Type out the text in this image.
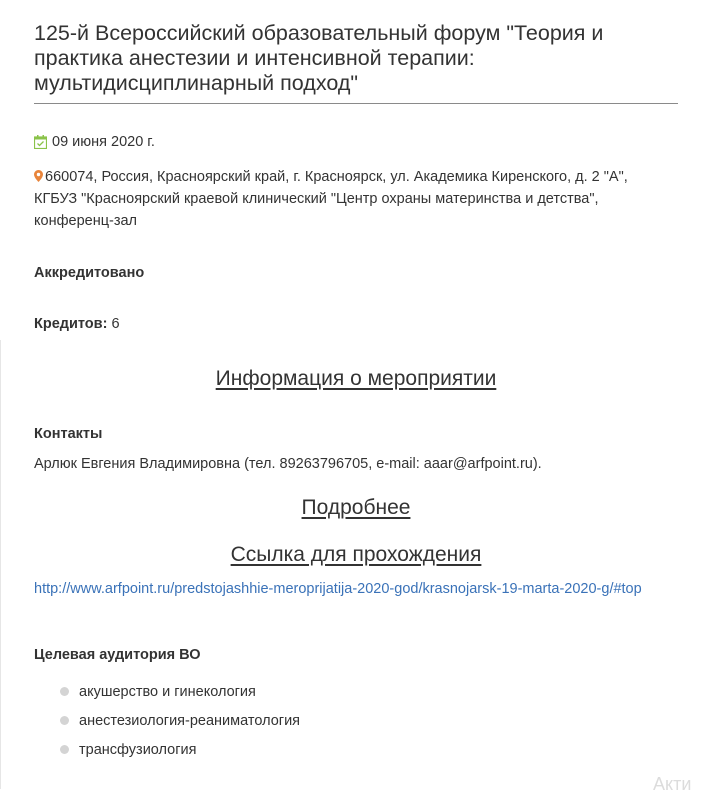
125-й Всероссийский образовательный форум "Теория и практика анестезии и интенсивной терапии: мультидисциплинарный подход"
09 июня 2020 г.
660074, Россия, Красноярский край, г. Красноярск, ул. Академика Киренского, д. 2 "А", КГБУЗ "Красноярский краевой клинический "Центр охраны материнства и детства", конференц-зал
Аккредитовано
Кредитов: 6
Информация о мероприятии
Контакты
Арлюк Евгения Владимировна (тел. 89263796705, e-mail: aaar@arfpoint.ru).
Подробнее
Ссылка для прохождения
http://www.arfpoint.ru/predstojashhie-meroprijatija-2020-god/krasnojarsk-19-marta-2020-g/#top
Целевая аудитория ВО
акушерство и гинекология
анестезиология-реаниматология
трансфузиология
Акти
